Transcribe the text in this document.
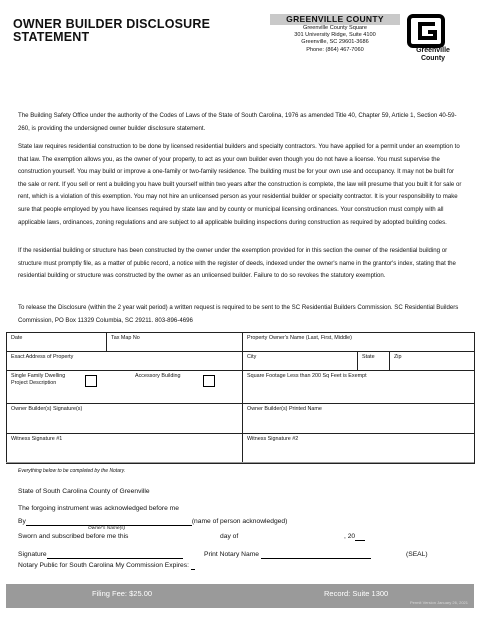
OWNER BUILDER DISCLOSURE
STATEMENT
GREENVILLE COUNTY
Greenville County Square
301 University Ridge, Suite 4100
Greenville, SC 29601-3686
Phone: (864) 467-7060	Greenville
County
The Building Safety Office under the authority of the Codes of Laws of the State of South Carolina, 1976 as amended Title 40, Chapter 59, Article 1, Section 40-59-260, is providing the undersigned owner builder disclosure statement.
State law requires residential construction to be done by licensed residential builders and specialty contractors. You have applied for a permit under an exemption to that law. The exemption allows you, as the owner of your property, to act as your own builder even though you do not have a license. You must supervise the construction yourself. You may build or improve a one-family or two-family residence. The building must be for your own use and occupancy. It may not be built for the sale or rent. If you sell or rent a building you have built yourself within two years after the construction is complete, the law will presume that you built it for sale or rent, which is a violation of this exemption. You may not hire an unlicensed person as your residential builder or specialty contractor. It is your responsibility to make sure that people employed by you have licenses required by state law and by county or municipal licensing ordinances. Your construction must comply with all applicable laws, ordinances, zoning regulations and are subject to all applicable building inspections during construction as required by adopted building codes.
If the residential building or structure has been constructed by the owner under the exemption provided for in this section the owner of the residential building or structure must promptly file, as a matter of public record, a notice with the register of deeds, indexed under the owner's name in the grantor's index, stating that the residential building or structure was constructed by the owner as an unlicensed builder. Failure to do so revokes the statutory exemption.
To release the Disclosure (within the 2 year wait period) a written request is required to be sent to the SC Residential Builders Commission. SC Residential Builders Commission, PO Box 11329 Columbia, SC 29211. 803-896-4696
Date	Tax Map No	Property Owner's Name (Last, First, Middle)		
Exact Address of Property		City	State	Zip

Single Family Dwelling
Project Description
Accessory Building		Square Footage Less than 200 Sq Feet is Exempt		
Owner Builder(s) Signature(s)		Owner Builder(s) Printed Name		
Witness Signature #1		Witness Signature #2		
Everything below to be completed by the Notary.
State of South Carolina County of Greenville
The forgoing instrument was acknowledged before me
By	(name of person acknowledged)
Owner's Name(s)
Sworn and subscribed before me this	day of	, 20
Signature	Print Notary Name	(SEAL)
Notary Public for South Carolina My Commission Expires:
Filing Fee: $25.00	Record: Suite 1300
Permit Version January 26, 2021
